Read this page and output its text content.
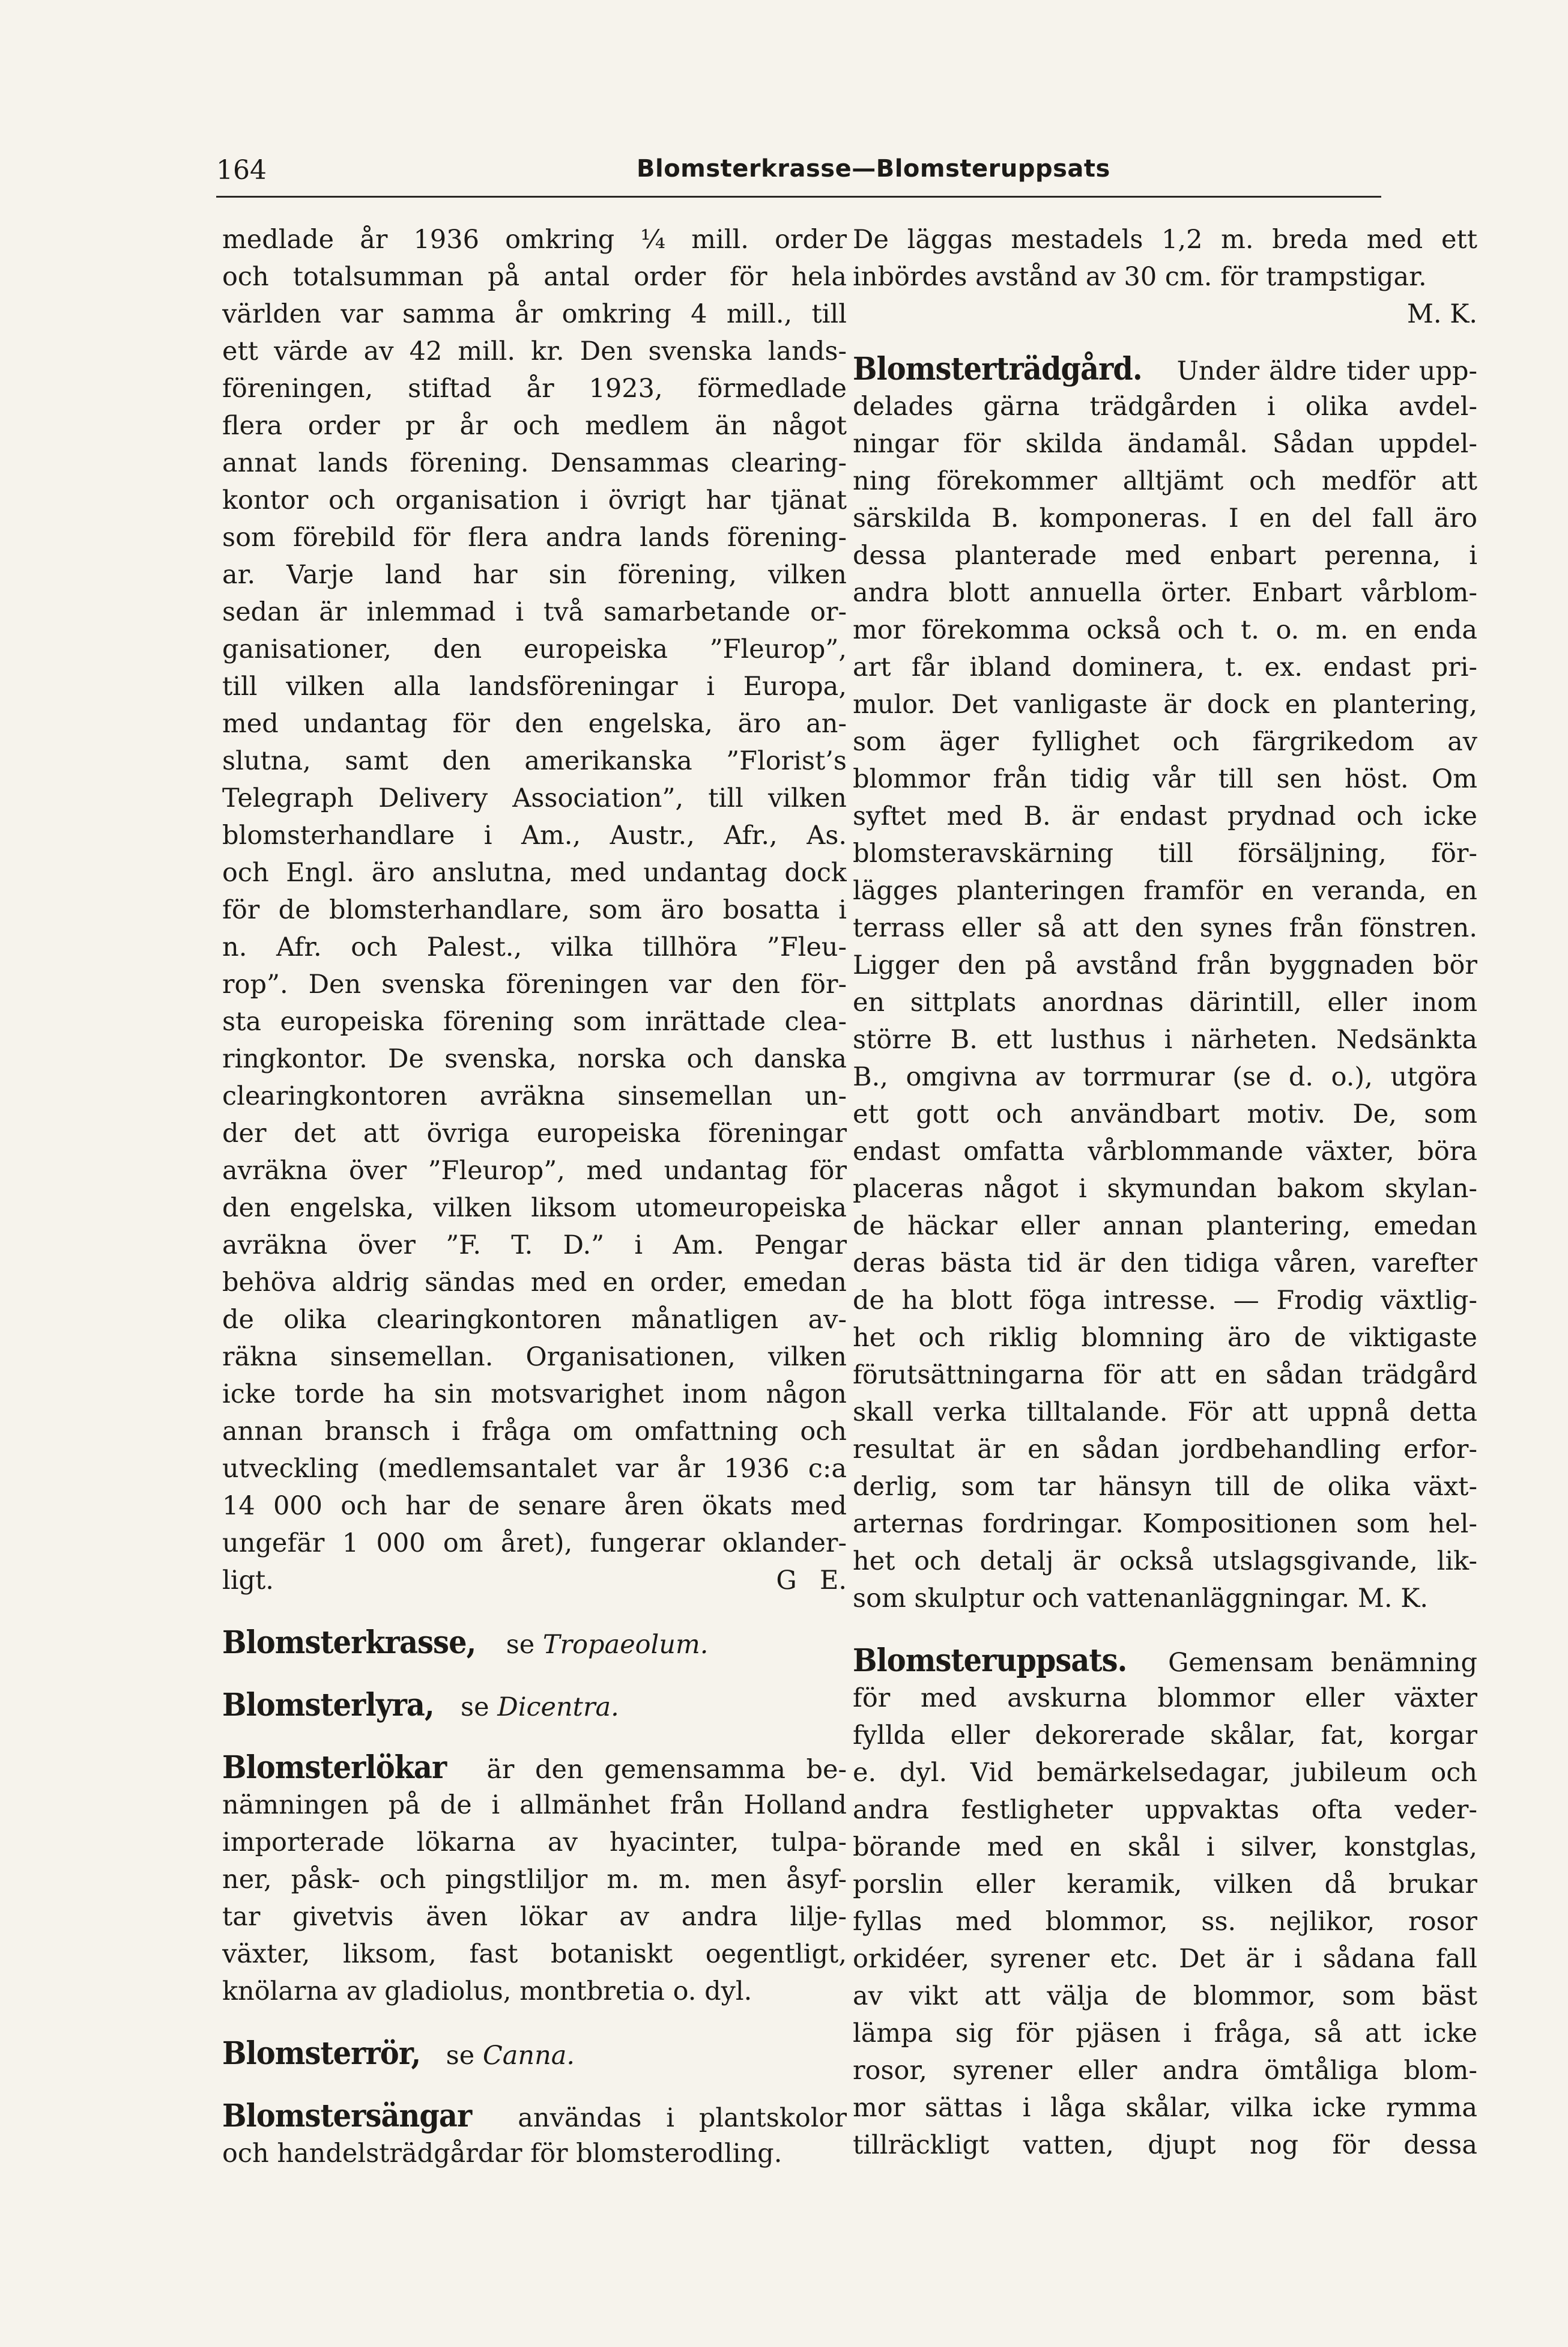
164	Blomsterkrasse—Blomsteruppsats
medlade år 1936 omkring ¼ mill. order
och totalsumman på antal order för hela
världen var samma år omkring 4 mill., till
ett värde av 42 mill. kr. Den svenska lands-
föreningen, stiftad år 1923, förmedlade
flera order pr år och medlem än något
annat lands förening. Densammas clearing-
kontor och organisation i övrigt har tjänat
som förebild för flera andra lands förening-
ar. Varje land har sin förening, vilken
sedan är inlemmad i två samarbetande or-
ganisationer, den europeiska ”Fleurop”,
till vilken alla landsföreningar i Europa,
med undantag för den engelska, äro an-
slutna, samt den amerikanska ”Florist’s
Telegraph Delivery Association”, till vilken
blomsterhandlare i Am., Austr., Afr., As.
och Engl. äro anslutna, med undantag dock
för de blomsterhandlare, som äro bosatta i
n. Afr. och Palest., vilka tillhöra ”Fleu-
rop”. Den svenska föreningen var den för-
sta europeiska förening som inrättade clea-
ringkontor. De svenska, norska och danska
clearingkontoren avräkna sinsemellan un-
der det att övriga europeiska föreningar
avräkna över ”Fleurop”, med undantag för
den engelska, vilken liksom utomeuropeiska
avräkna över ”F. T. D.” i Am. Pengar
behöva aldrig sändas med en order, emedan
de olika clearingkontoren månatligen av-
räkna sinsemellan. Organisationen, vilken
icke torde ha sin motsvarighet inom någon
annan bransch i fråga om omfattning och
utveckling (medlemsantalet var år 1936 c:a
14 000 och har de senare åren ökats med
ungefär 1 000 om året), fungerar oklander-
ligt.	G E.
Blomsterkrasse, se Tropaeolum.
Blomsterlyra, se Dicentra.
Blomsterlökar är den gemensamma be-
nämningen på de i allmänhet från Holland
importerade lökarna av hyacinter, tulpa-
ner, påsk- och pingstliljor m. m. men åsyf-
tar givetvis även lökar av andra lilje-
växter, liksom, fast botaniskt oegentligt,
knölarna av gladiolus, montbretia o. dyl.
Blomsterrör, se Canna.
Blomstersängar användas i plantskolor
och handelsträdgårdar för blomsterodling.
De läggas mestadels 1,2 m. breda med ett
inbördes avstånd av 30 cm. för trampstigar.
M. K.
Blomsterträdgård. Under äldre tider upp-
delades gärna trädgården i olika avdel-
ningar för skilda ändamål. Sådan uppdel-
ning förekommer alltjämt och medför att
särskilda B. komponeras. I en del fall äro
dessa planterade med enbart perenna, i
andra blott annuella örter. Enbart vårblom-
mor förekomma också och t. o. m. en enda
art får ibland dominera, t. ex. endast pri-
mulor. Det vanligaste är dock en plantering,
som äger fyllighet och färgrikedom av
blommor från tidig vår till sen höst. Om
syftet med B. är endast prydnad och icke
blomsteravskärning till försäljning, för-
lägges planteringen framför en veranda, en
terrass eller så att den synes från fönstren.
Ligger den på avstånd från byggnaden bör
en sittplats anordnas därintill, eller inom
större B. ett lusthus i närheten. Nedsänkta
B., omgivna av torrmurar (se d. o.), utgöra
ett gott och användbart motiv. De, som
endast omfatta vårblommande växter, böra
placeras något i skymundan bakom skylan-
de häckar eller annan plantering, emedan
deras bästa tid är den tidiga våren, varefter
de ha blott föga intresse. — Frodig växtlig-
het och riklig blomning äro de viktigaste
förutsättningarna för att en sådan trädgård
skall verka tilltalande. För att uppnå detta
resultat är en sådan jordbehandling erfor-
derlig, som tar hänsyn till de olika växt-
arternas fordringar. Kompositionen som hel-
het och detalj är också utslagsgivande, lik-
som skulptur och vattenanläggningar. M. K.
Blomsteruppsats. Gemensam benämning
för med avskurna blommor eller växter
fyllda eller dekorerade skålar, fat, korgar
e. dyl. Vid bemärkelsedagar, jubileum och
andra festligheter uppvaktas ofta veder-
börande med en skål i silver, konstglas,
porslin eller keramik, vilken då brukar
fyllas med blommor, ss. nejlikor, rosor
orkidéer, syrener etc. Det är i sådana fall
av vikt att välja de blommor, som bäst
lämpa sig för pjäsen i fråga, så att icke
rosor, syrener eller andra ömtåliga blom-
mor sättas i låga skålar, vilka icke rymma
tillräckligt vatten, djupt nog för dessa
